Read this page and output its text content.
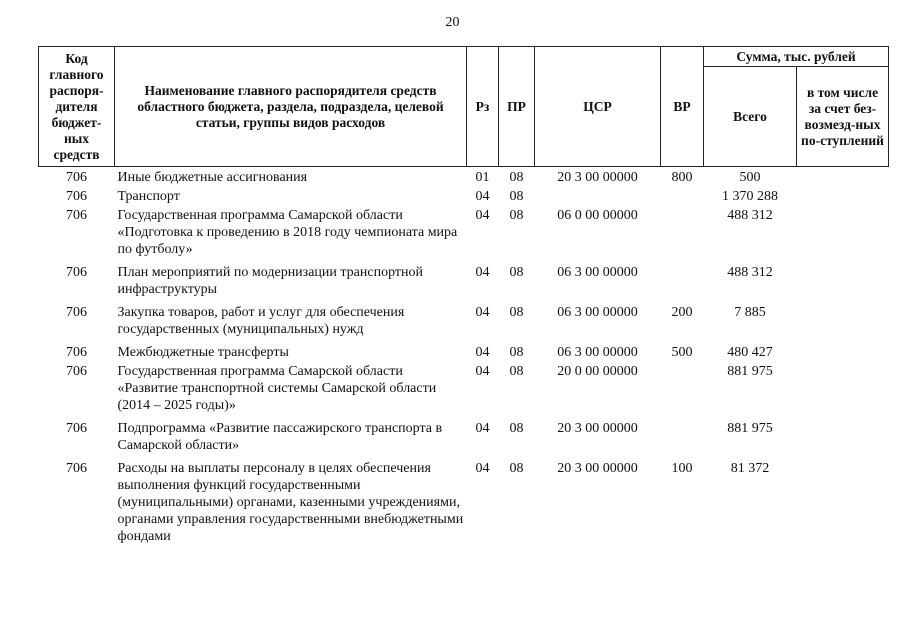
20
Код главного распоря-дителя бюджет-ных средств	Наименование главного распорядителя средств областного бюджета, раздела, подраздела, целевой статьи, группы видов расходов	Рз	ПР	ЦСР	ВР	Сумма, тыс. рублей	
						Всего	в том числе за счет без-возмезд-ных по-ступлений
706	Иные бюджетные ассигнования	01	08	20 3 00 00000	800	500	
706	Транспорт	04	08			1 370 288	
706	Государственная программа Самарской области «Подготовка к проведению в 2018 году чемпионата мира по футболу»	04	08	06 0 00 00000		488 312	
706	План мероприятий по модернизации транспортной инфраструктуры	04	08	06 3 00 00000		488 312	
706	Закупка товаров, работ и услуг для обеспечения государственных (муниципальных) нужд	04	08	06 3 00 00000	200	7 885	
706	Межбюджетные трансферты	04	08	06 3 00 00000	500	480 427	
706	Государственная программа Самарской области «Развитие транспортной системы Самарской области (2014 – 2025 годы)»	04	08	20 0 00 00000		881 975	
706	Подпрограмма «Развитие пассажирского транспорта в Самарской области»	04	08	20 3 00 00000		881 975	
706	Расходы на выплаты персоналу в целях обеспечения выполнения функций государственными (муниципальными) органами, казенными учреждениями, органами управления государственными внебюджетными фондами	04	08	20 3 00 00000	100	81 372	
